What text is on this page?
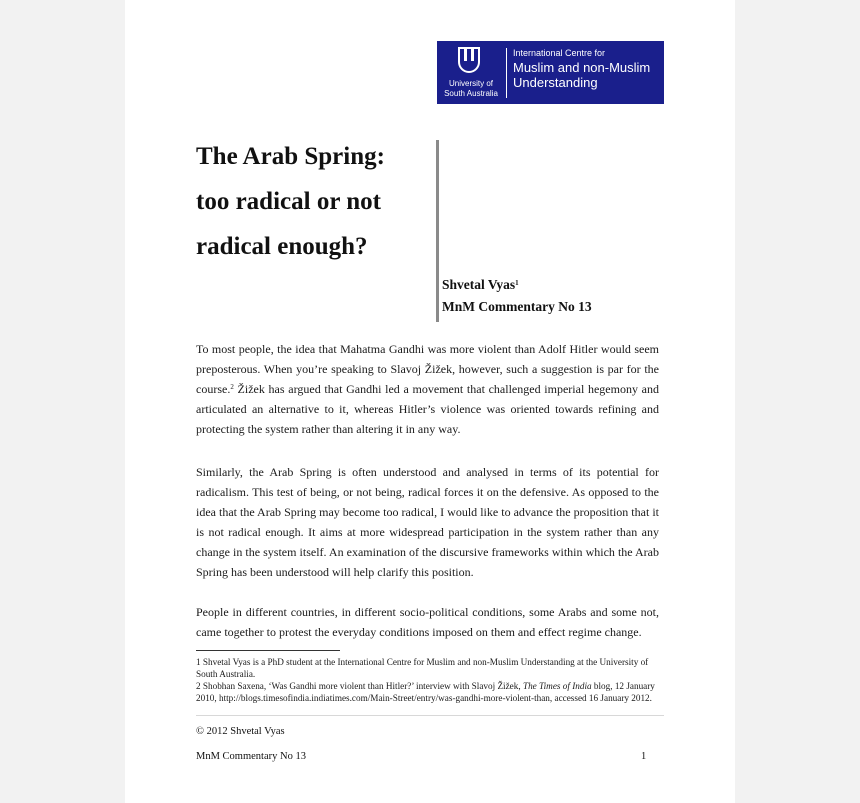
University of South Australia
International Centre for
Muslim and non-Muslim
Understanding
The Arab Spring:
too radical or not
radical enough?
Shvetal Vyas$^1$
MnM Commentary No 13
To most people, the idea that Mahatma Gandhi was more violent than Adolf Hitler would seem preposterous. When you’re speaking to Slavoj Žižek, however, such a suggestion is par for the course.$^2$ Žižek has argued that Gandhi led a movement that challenged imperial hegemony and articulated an alternative to it, whereas Hitler’s violence was oriented towards refining and protecting the system rather than altering it in any way.
Similarly, the Arab Spring is often understood and analysed in terms of its potential for radicalism. This test of being, or not being, radical forces it on the defensive. As opposed to the idea that the Arab Spring may become too radical, I would like to advance the proposition that it is not radical enough. It aims at more widespread participation in the system rather than any change in the system itself. An examination of the discursive frameworks within which the Arab Spring has been understood will help clarify this position.
People in different countries, in different socio-political conditions, some Arabs and some not, came together to protest the everyday conditions imposed on them and effect regime change.
1 Shvetal Vyas is a PhD student at the International Centre for Muslim and non-Muslim Understanding at the University of South Australia.
2 Shobhan Saxena, ‘Was Gandhi more violent than Hitler?’ interview with Slavoj Žižek, The Times of India blog, 12 January 2010, http://blogs.timesofindia.indiatimes.com/Main-Street/entry/was-gandhi-more-violent-than, accessed 16 January 2012.
© 2012 Shvetal Vyas
MnM Commentary No 13	1
